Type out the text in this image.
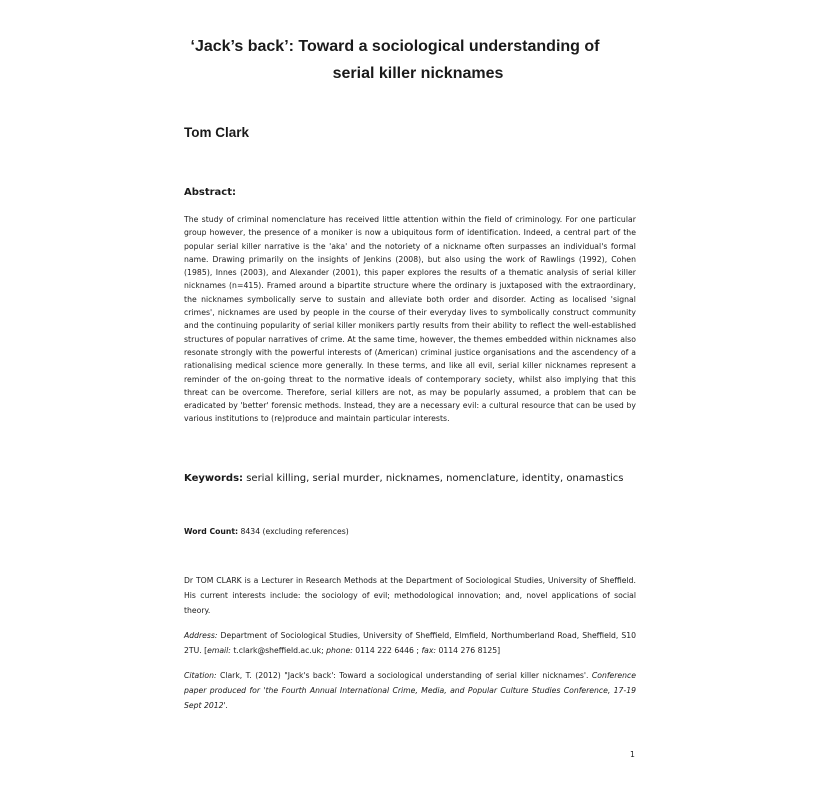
‘Jack’s back’: Toward a sociological understanding of
serial killer nicknames
Tom Clark
Abstract:
The study of criminal nomenclature has received little attention within the field of criminology. For one particular group however, the presence of a moniker is now a ubiquitous form of identification. Indeed, a central part of the popular serial killer narrative is the 'aka' and the notoriety of a nickname often surpasses an individual's formal name. Drawing primarily on the insights of Jenkins (2008), but also using the work of Rawlings (1992), Cohen (1985), Innes (2003), and Alexander (2001), this paper explores the results of a thematic analysis of serial killer nicknames (n=415). Framed around a bipartite structure where the ordinary is juxtaposed with the extraordinary, the nicknames symbolically serve to sustain and alleviate both order and disorder. Acting as localised 'signal crimes', nicknames are used by people in the course of their everyday lives to symbolically construct community and the continuing popularity of serial killer monikers partly results from their ability to reflect the well-established structures of popular narratives of crime. At the same time, however, the themes embedded within nicknames also resonate strongly with the powerful interests of (American) criminal justice organisations and the ascendency of a rationalising medical science more generally. In these terms, and like all evil, serial killer nicknames represent a reminder of the on-going threat to the normative ideals of contemporary society, whilst also implying that this threat can be overcome. Therefore, serial killers are not, as may be popularly assumed, a problem that can be eradicated by 'better' forensic methods. Instead, they are a necessary evil: a cultural resource that can be used by various institutions to (re)produce and maintain particular interests.
Keywords: serial killing, serial murder, nicknames, nomenclature, identity, onamastics
Word Count: 8434 (excluding references)
Dr TOM CLARK is a Lecturer in Research Methods at the Department of Sociological Studies, University of Sheffield. His current interests include: the sociology of evil; methodological innovation; and, novel applications of social theory.
Address: Department of Sociological Studies, University of Sheffield, Elmfield, Northumberland Road, Sheffield, S10 2TU. [email: t.clark@sheffield.ac.uk; phone: 0114 222 6446 ; fax: 0114 276 8125]
Citation: Clark, T. (2012) "Jack's back': Toward a sociological understanding of serial killer nicknames'. Conference paper produced for 'the Fourth Annual International Crime, Media, and Popular Culture Studies Conference, 17-19 Sept 2012'.
1
